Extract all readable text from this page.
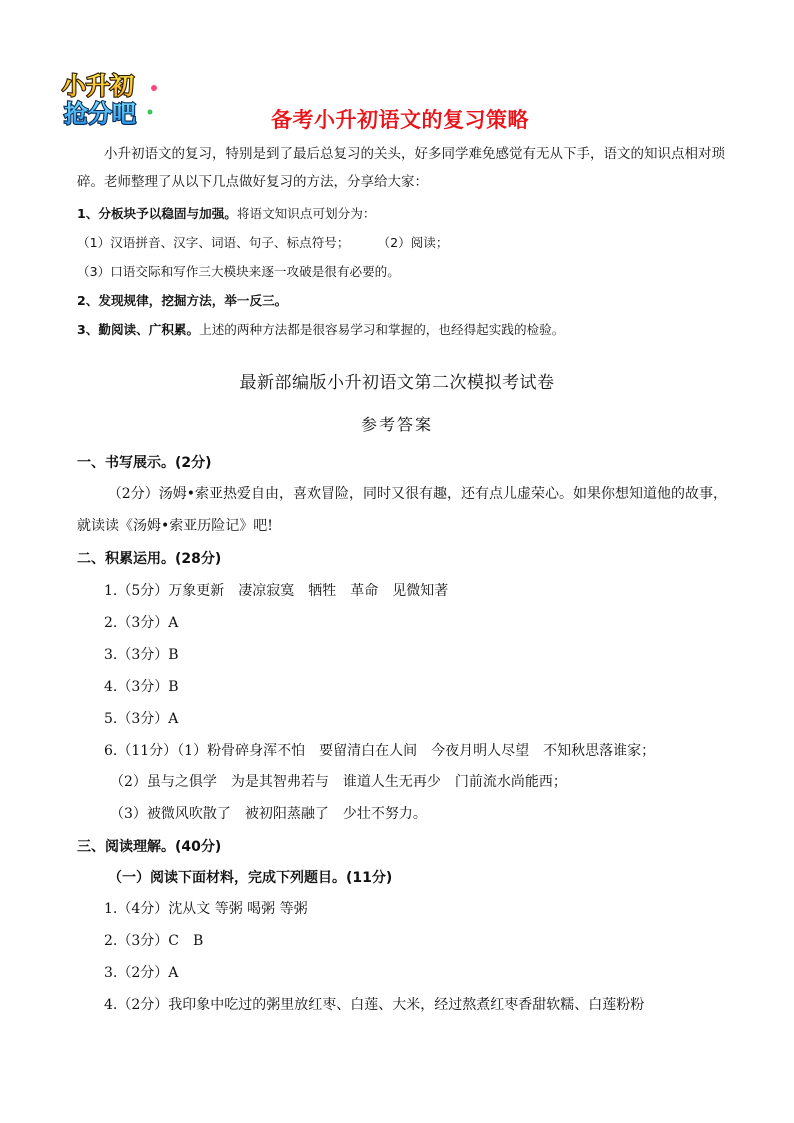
小升初
抢分吧	备考小升初语文的复习策略

小升初语文的复习，特别是到了最后总复习的关头，好多同学难免感觉有无从下手，语文的知识点相对琐碎。老师整理了从以下几点做好复习的方法，分享给大家：

1、分板块予以稳固与加强。将语文知识点可划分为：
（1）汉语拼音、汉字、词语、句子、标点符号； （2）阅读；
（3）口语交际和写作三大模块来逐一攻破是很有必要的。
2、发现规律，挖掘方法，举一反三。
3、勤阅读、广积累。上述的两种方法都是很容易学习和掌握的，也经得起实践的检验。
最新部编版小升初语文第二次模拟考试卷
参考答案
一、书写展示。(2分)

（2分）汤姆•索亚热爱自由，喜欢冒险，同时又很有趣，还有点儿虚荣心。如果你想知道他的故事，就读读《汤姆•索亚历险记》吧!

二、积累运用。(28分)
1.（5分）万象更新　凄凉寂寞　牺牲　革命　见微知著
2.（3分）A
3.（3分）B
4.（3分）B
5.（3分）A
6.（11分）（1）粉骨碎身浑不怕　要留清白在人间　今夜月明人尽望　不知秋思落谁家；
（2）虽与之俱学　为是其智弗若与　谁道人生无再少　门前流水尚能西；
（3）被微风吹散了　被初阳蒸融了　少壮不努力。
三、阅读理解。(40分)
（一）阅读下面材料，完成下列题目。(11分)
1.（4分）沈从文 等粥 喝粥 等粥
2.（3分）C　B
3.（2分）A
4.（2分）我印象中吃过的粥里放红枣、白莲、大米，经过熬煮红枣香甜软糯、白莲粉粉
